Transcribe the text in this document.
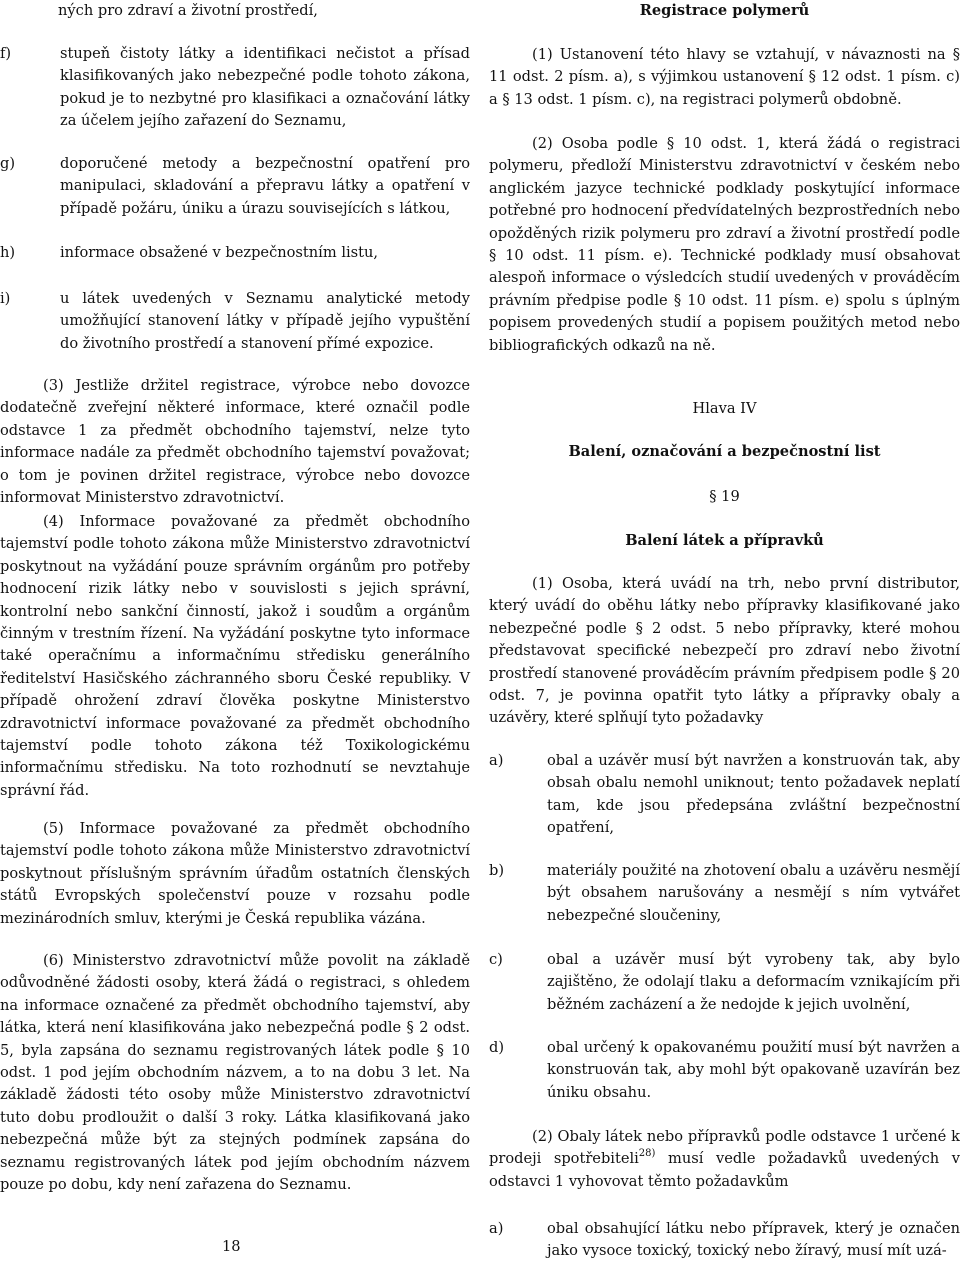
ných pro zdraví a životní prostředí,
f)	stupeň čistoty látky a identifikaci nečistot a přísad klasifikovaných jako nebezpečné podle tohoto zákona, pokud je to nezbytné pro klasifikaci a označování látky za účelem jejího zařazení do Seznamu,
g)	doporučené metody a bezpečnostní opatření pro manipulaci, skladování a přepravu látky a opatření v případě požáru, úniku a úrazu souvisejících s látkou,
h)	informace obsažené v bezpečnostním listu,
i)	u látek uvedených v Seznamu analytické metody umožňující stanovení látky v případě jejího vypuštění do životního prostředí a stanovení přímé expozice.
(3) Jestliže držitel registrace, výrobce nebo dovozce dodatečně zveřejní některé informace, které označil podle odstavce 1 za předmět obchodního tajemství, nelze tyto informace nadále za předmět obchodního tajemství považovat; o tom je povinen držitel registrace, výrobce nebo dovozce informovat Ministerstvo zdravotnictví.
(4) Informace považované za předmět obchodního tajemství podle tohoto zákona může Ministerstvo zdravotnictví poskytnout na vyžádání pouze správním orgánům pro potřeby hodnocení rizik látky nebo v souvislosti s jejich správní, kontrolní nebo sankční činností, jakož i soudům a orgánům činným v trestním řízení. Na vyžádání poskytne tyto informace také operačnímu a informačnímu středisku generálního ředitelství Hasičského záchranného sboru České republiky. V případě ohrožení zdraví člověka poskytne Ministerstvo zdravotnictví informace považované za předmět obchodního tajemství podle tohoto zákona též Toxikologickému informačnímu středisku. Na toto rozhodnutí se nevztahuje správní řád.
(5) Informace považované za předmět obchodního tajemství podle tohoto zákona může Ministerstvo zdravotnictví poskytnout příslušným správním úřadům ostatních členských států Evropských společenství pouze v rozsahu podle mezinárodních smluv, kterými je Česká republika vázána.
(6) Ministerstvo zdravotnictví může povolit na základě odůvodněné žádosti osoby, která žádá o registraci, s ohledem na informace označené za předmět obchodního tajemství, aby látka, která není klasifikována jako nebezpečná podle § 2 odst. 5, byla zapsána do seznamu registrovaných látek podle § 10 odst. 1 pod jejím obchodním názvem, a to na dobu 3 let. Na základě žádosti této osoby může Ministerstvo zdravotnictví tuto dobu prodloužit o další 3 roky. Látka klasifikovaná jako nebezpečná může být za stejných podmínek zapsána do seznamu registrovaných látek pod jejím obchodním názvem pouze po dobu, kdy není zařazena do Seznamu.
18
Registrace polymerů
(1) Ustanovení této hlavy se vztahují, v návaznosti na § 11 odst. 2 písm. a), s výjimkou ustanovení § 12 odst. 1 písm. c) a § 13 odst. 1 písm. c), na registraci polymerů obdobně.
(2) Osoba podle § 10 odst. 1, která žádá o registraci polymeru, předloží Ministerstvu zdravotnictví v českém nebo anglickém jazyce technické podklady poskytující informace potřebné pro hodnocení předvídatelných bezprostředních nebo opožděných rizik polymeru pro zdraví a životní prostředí podle § 10 odst. 11 písm. e). Technické podklady musí obsahovat alespoň informace o výsledcích studií uvedených v prováděcím právním předpise podle § 10 odst. 11 písm. e) spolu s úplným popisem provedených studií a popisem použitých metod nebo bibliografických odkazů na ně.
Hlava IV
Balení, označování a bezpečnostní list
§ 19
Balení látek a přípravků
(1) Osoba, která uvádí na trh, nebo první distributor, který uvádí do oběhu látky nebo přípravky klasifikované jako nebezpečné podle § 2 odst. 5 nebo přípravky, které mohou představovat specifické nebezpečí pro zdraví nebo životní prostředí stanovené prováděcím právním předpisem podle § 20 odst. 7, je povinna opatřit tyto látky a přípravky obaly a uzávěry, které splňují tyto požadavky
a)	obal a uzávěr musí být navržen a konstruován tak, aby obsah obalu nemohl uniknout; tento požadavek neplatí tam, kde jsou předepsána zvláštní bezpečnostní opatření,
b)	materiály použité na zhotovení obalu a uzávěru nesmějí být obsahem narušovány a nesmějí s ním vytvářet nebezpečné sloučeniny,
c)	obal a uzávěr musí být vyrobeny tak, aby bylo zajištěno, že odolají tlaku a deformacím vznikajícím při běžném zacházení a že nedojde k jejich uvolnění,
d)	obal určený k opakovanému použití musí být navržen a konstruován tak, aby mohl být opakovaně uzavírán bez úniku obsahu.
(2) Obaly látek nebo přípravků podle odstavce 1 určené k prodeji spotřebiteli$^{28)}$ musí vedle požadavků uvedených v odstavci 1 vyhovovat těmto požadavkům
a)	obal obsahující látku nebo přípravek, který je označen jako vysoce toxický, toxický nebo žíravý, musí mít uzá-
